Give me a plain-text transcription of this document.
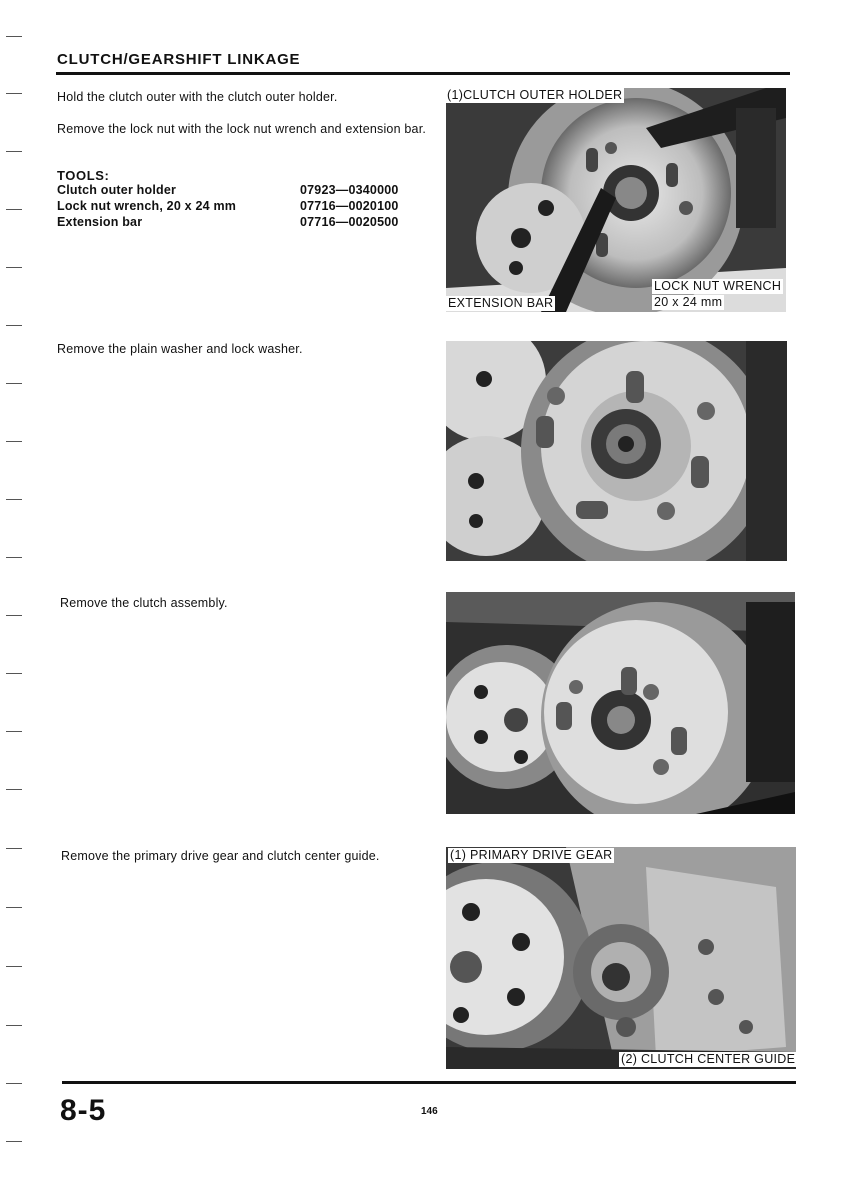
CLUTCH/GEARSHIFT LINKAGE
Hold the clutch outer with the clutch outer holder.
Remove the lock nut with the lock nut wrench and extension bar.
TOOLS:
Clutch outer holder	07923—0340000
Lock nut wrench, 20 x 24 mm	07716—0020100
Extension bar	07716—0020500
Remove the plain washer and lock washer.
Remove the clutch assembly.
Remove the primary drive gear and clutch center guide.
(1)CLUTCH OUTER HOLDER
LOCK NUT WRENCH
20 x 24 mm
EXTENSION BAR
(1) PRIMARY DRIVE GEAR
(2) CLUTCH CENTER GUIDE
8-5	146
